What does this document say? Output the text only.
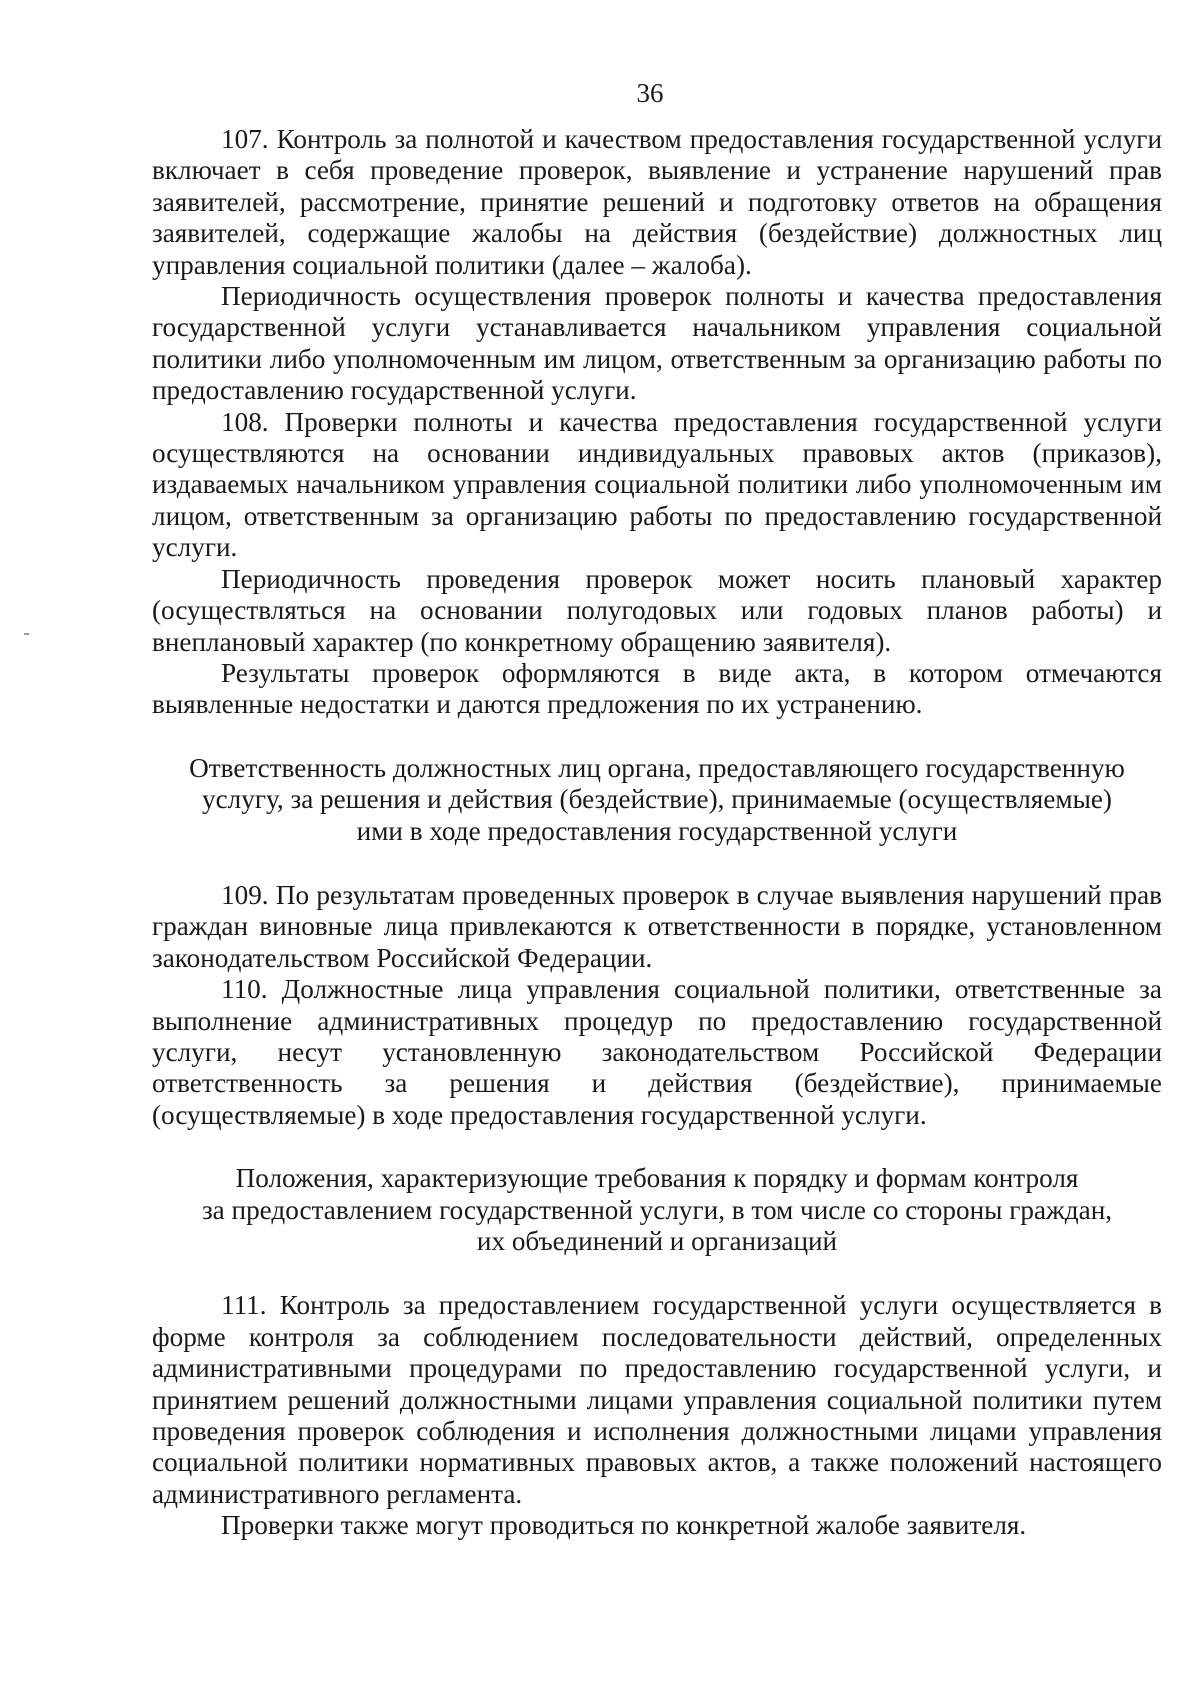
36

107. Контроль за полнотой и качеством предоставления государственной услуги включает в себя проведение проверок, выявление и устранение нарушений прав заявителей, рассмотрение, принятие решений и подготовку ответов на обращения заявителей, содержащие жалобы на действия (бездействие) должностных лиц управления социальной политики (далее – жалоба).

Периодичность осуществления проверок полноты и качества предоставления государственной услуги устанавливается начальником управления социальной политики либо уполномоченным им лицом, ответственным за организацию работы по предоставлению государственной услуги.

108. Проверки полноты и качества предоставления государственной услуги осуществляются на основании индивидуальных правовых актов (приказов), издаваемых начальником управления социальной политики либо уполномоченным им лицом, ответственным за организацию работы по предоставлению государственной услуги.

Периодичность проведения проверок может носить плановый характер (осуществляться на основании полугодовых или годовых планов работы) и внеплановый характер (по конкретному обращению заявителя).

Результаты проверок оформляются в виде акта, в котором отмечаются выявленные недостатки и даются предложения по их устранению.

Ответственность должностных лиц органа, предоставляющего государственную
услугу, за решения и действия (бездействие), принимаемые (осуществляемые)
ими в ходе предоставления государственной услуги

109. По результатам проведенных проверок в случае выявления нарушений прав граждан виновные лица привлекаются к ответственности в порядке, установленном законодательством Российской Федерации.

110. Должностные лица управления социальной политики, ответственные за выполнение административных процедур по предоставлению государственной услуги, несут установленную законодательством Российской Федерации ответственность за решения и действия (бездействие), принимаемые (осуществляемые) в ходе предоставления государственной услуги.

Положения, характеризующие требования к порядку и формам контроля
за предоставлением государственной услуги, в том числе со стороны граждан,
их объединений и организаций

111. Контроль за предоставлением государственной услуги осуществляется в форме контроля за соблюдением последовательности действий, определенных административными процедурами по предоставлению государственной услуги, и принятием решений должностными лицами управления социальной политики путем проведения проверок соблюдения и исполнения должностными лицами управления социальной политики нормативных правовых актов, а также положений настоящего административного регламента.

Проверки также могут проводиться по конкретной жалобе заявителя.
